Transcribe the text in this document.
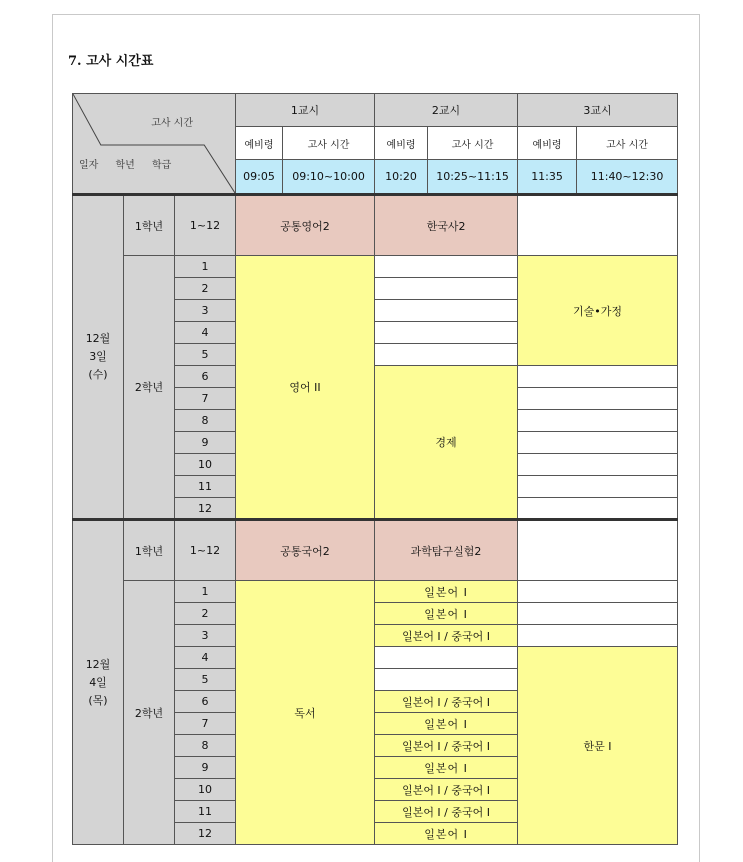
7. 고사 시간표
고사 시간
일자 학년 학급			1교시		2교시		3교시	
			예비령	고사 시간	예비령	고사 시간	예비령	고사 시간
			09:05	09:10~10:00	10:20	10:25~11:15	11:35	11:40~12:30

12월
3일
(수)	1학년	1~12	공통영어2		한국사2			
	2학년	1	영어 II				기술•가정	
		2						
		3						
		4						
		5						
		6			경제			
		7						
		8						
		9						
		10						
		11						
		12						

12월
4일
(목)	1학년	1~12	공통국어2		과학탐구실험2			
	2학년	1	독서		일본어 I			
		2			일본어 I			
		3			일본어 I / 중국어 I			
		4					한문 I	
		5						
		6			일본어 I / 중국어 I			
		7			일본어 I			
		8			일본어 I / 중국어 I			
		9			일본어 I			
		10			일본어 I / 중국어 I			
		11			일본어 I / 중국어 I			
		12			일본어 I			
